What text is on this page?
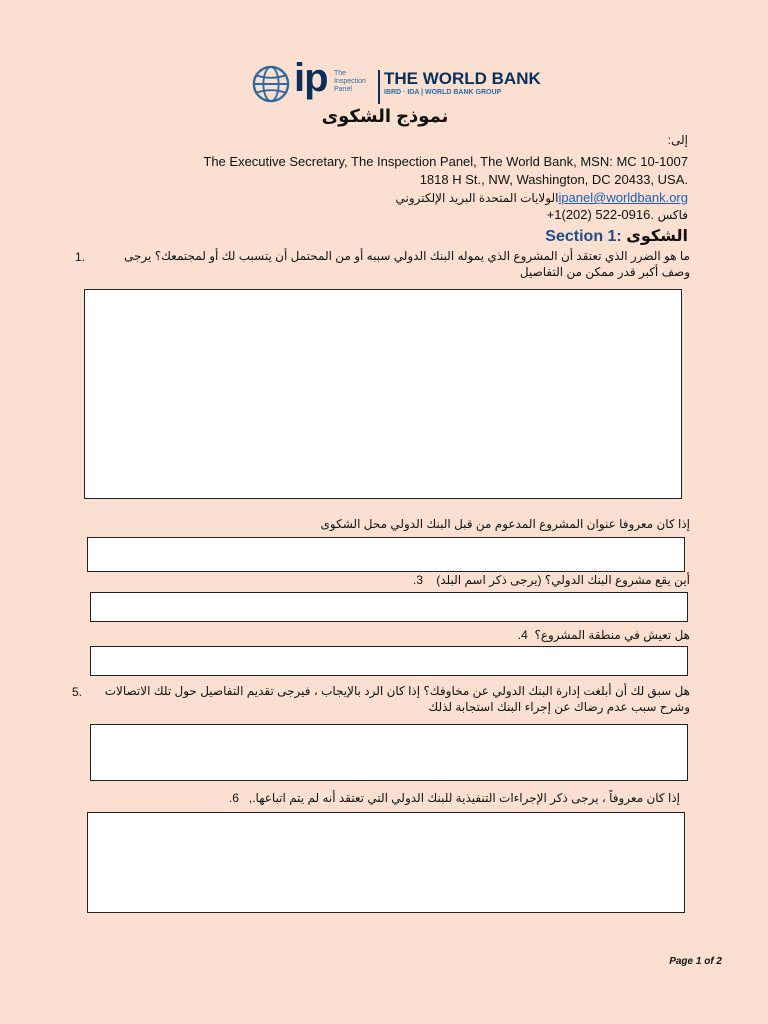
ip The
Inspection
Panel
THE WORLD BANK
IBRD · IDA | WORLD BANK GROUP
نموذج الشكوى
إلى:
The Executive Secretary, The Inspection Panel, The World Bank, MSN: MC 10-1007
1818 H St., NW, Washington, DC 20433, USA.
الولايات المتحدة البريد الإلكترونيipanel@worldbank.org
+1(202) 522-0916. فاكس
Section 1: الشكوى
1.	ما هو الضرر الذي تعتقد أن المشروع الذي يموله البنك الدولي سببه أو من المحتمل أن يتسبب لك أو لمجتمعك؟ يرجى وصف أكبر قدر ممكن من التفاصيل
إذا كان معروفا عنوان المشروع المدعوم من قبل البنك الدولي محل الشكوى
أين يقع مشروع البنك الدولي؟ (يرجى ذكر اسم البلد)    3.
هل تعيش في منطقة المشروع؟  4.
5.	هل سبق لك أن أبلغت إدارة البنك الدولي عن مخاوفك؟ إذا كان الرد بالإيجاب ، فيرجى تقديم التفاصيل حول تلك الاتصالات وشرح سبب عدم رضاك عن إجراء البنك استجابة لذلك
إذا كان معروفاً ، يرجى ذكر الإجراءات التنفيذية للبنك الدولي التي تعتقد أنه لم يتم اتباعها.,   6.
Page 1 of 2
